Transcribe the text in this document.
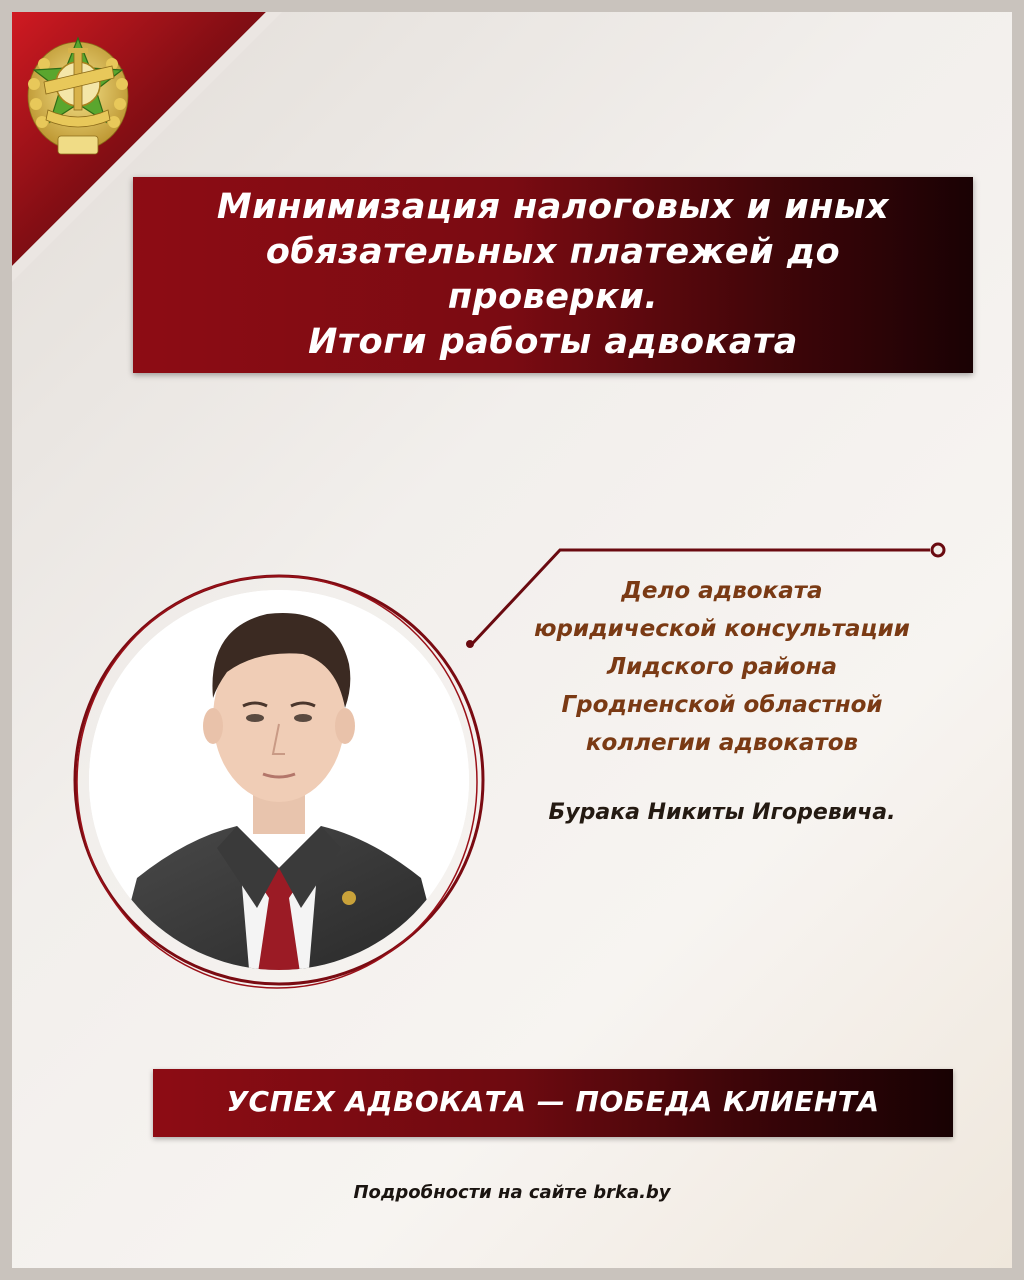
Минимизация налоговых и иных
обязательных платежей до
проверки.
Итоги работы адвоката
Дело адвоката
юридической консультации
Лидского района
Гродненской областной
коллегии адвокатов
Бурака Никиты Игоревича.
УСПЕХ АДВОКАТА — ПОБЕДА КЛИЕНТА
Подробности на сайте brka.by
